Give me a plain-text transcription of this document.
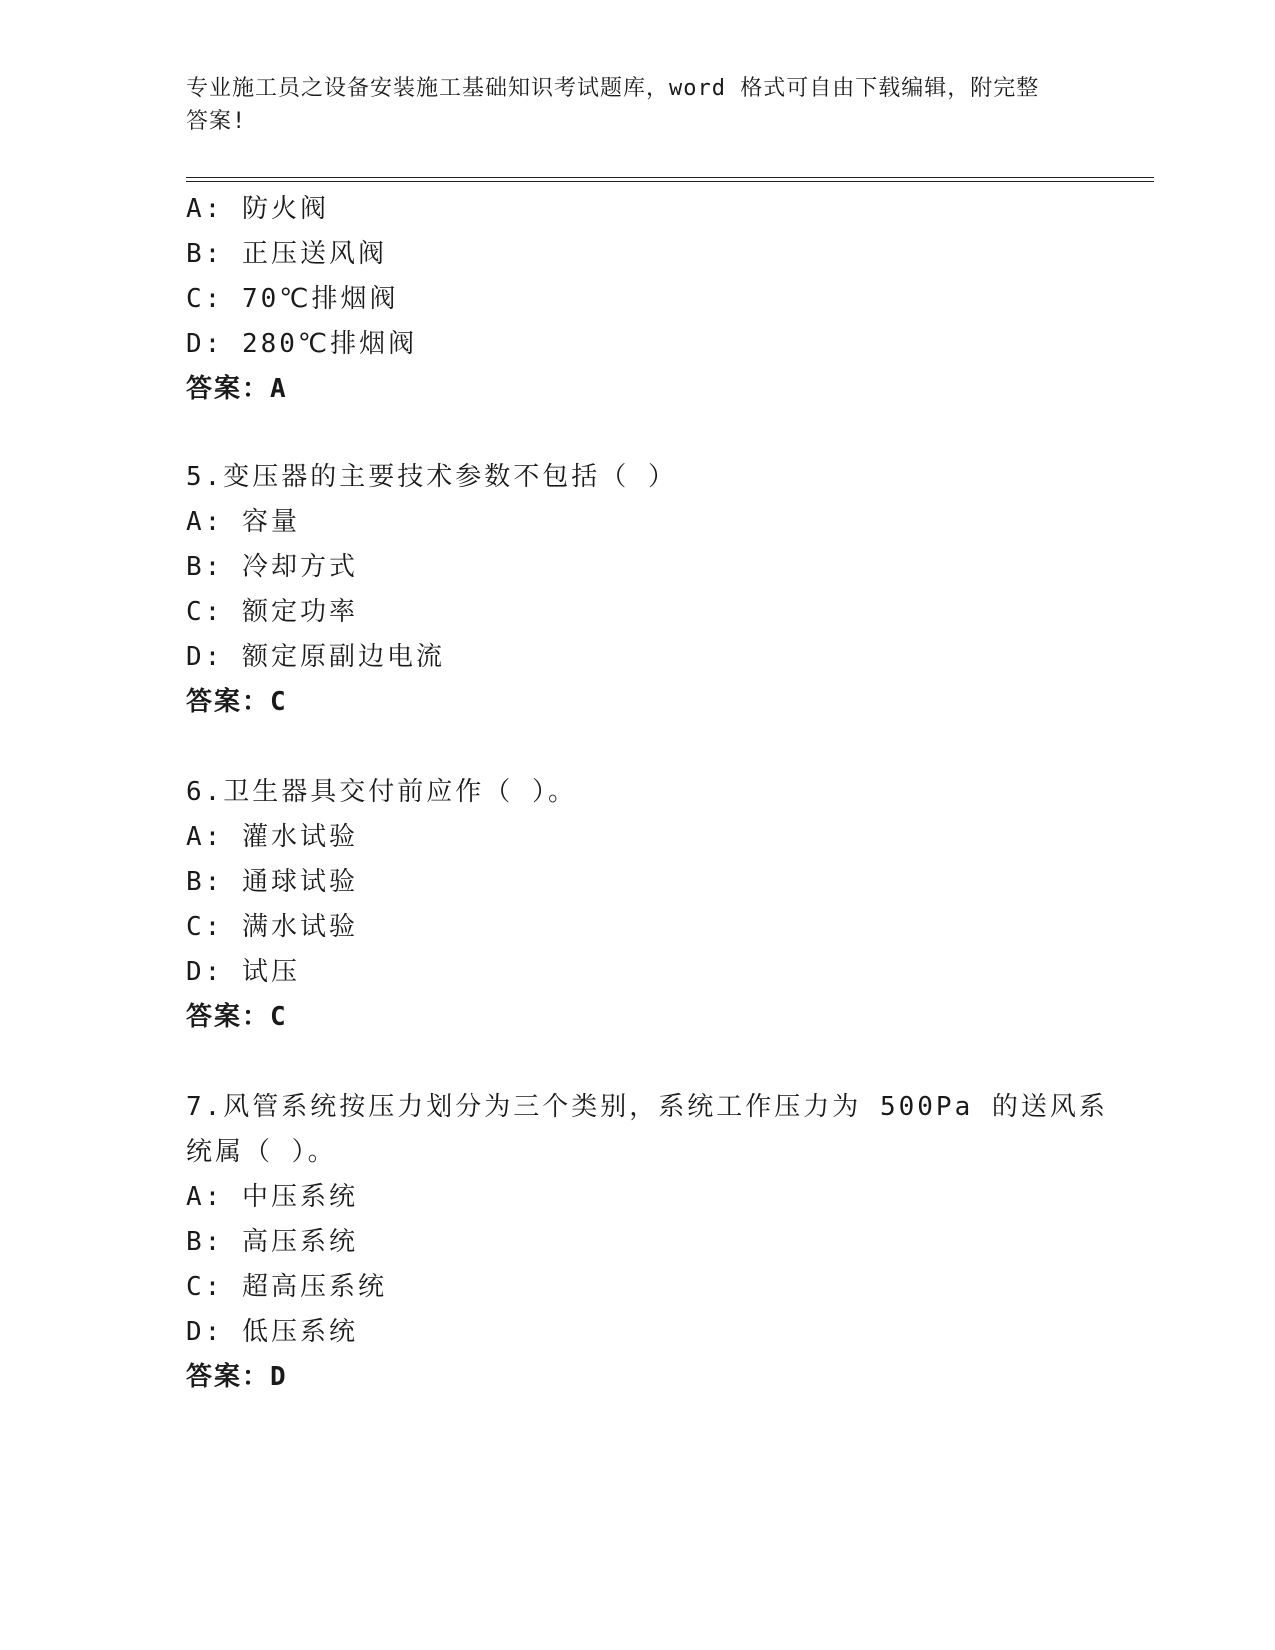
专业施工员之设备安装施工基础知识考试题库，word 格式可自由下载编辑，附完整答案!
A: 防火阀
B: 正压送风阀
C: 70℃排烟阀
D: 280℃排烟阀
答案：A
5.变压器的主要技术参数不包括（ ）
A: 容量
B: 冷却方式
C: 额定功率
D: 额定原副边电流
答案：C
6.卫生器具交付前应作（ ）。
A: 灌水试验
B: 通球试验
C: 满水试验
D: 试压
答案：C
7.风管系统按压力划分为三个类别，系统工作压力为 500Pa 的送风系
统属（ ）。
A: 中压系统
B: 高压系统
C: 超高压系统
D: 低压系统
答案：D
